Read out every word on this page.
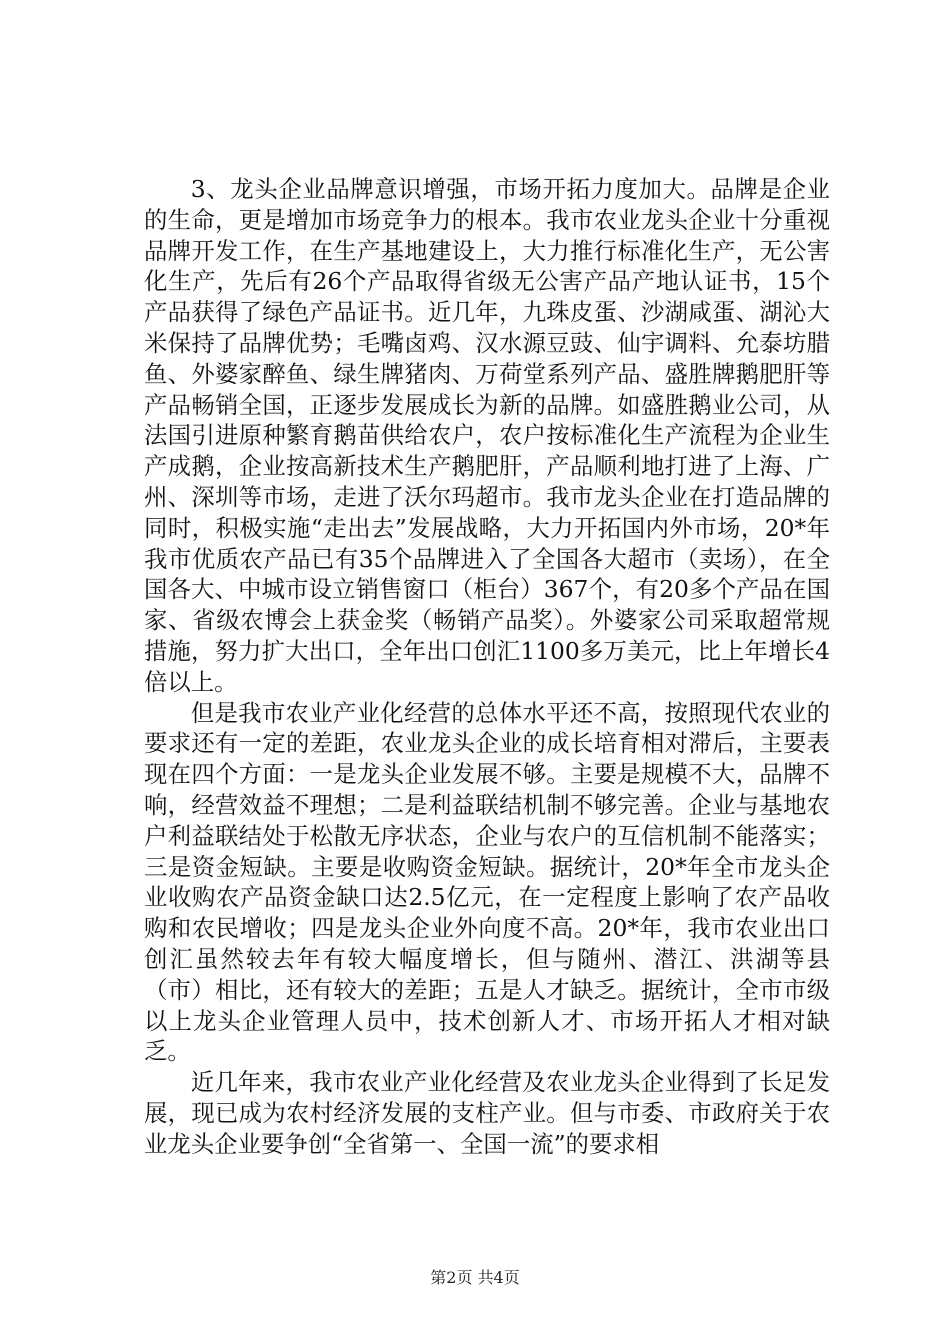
3、龙头企业品牌意识增强，市场开拓力度加大。品牌是企业的生命，更是增加市场竞争力的根本。我市农业龙头企业十分重视品牌开发工作，在生产基地建设上，大力推行标准化生产，无公害化生产，先后有26个产品取得省级无公害产品产地认证书，15个产品获得了绿色产品证书。近几年，九珠皮蛋、沙湖咸蛋、湖沁大米保持了品牌优势；毛嘴卤鸡、汉水源豆豉、仙宇调料、允泰坊腊鱼、外婆家醉鱼、绿生牌猪肉、万荷堂系列产品、盛胜牌鹅肥肝等产品畅销全国，正逐步发展成长为新的品牌。如盛胜鹅业公司，从法国引进原种繁育鹅苗供给农户，农户按标准化生产流程为企业生产成鹅，企业按高新技术生产鹅肥肝，产品顺利地打进了上海、广州、深圳等市场，走进了沃尔玛超市。我市龙头企业在打造品牌的同时，积极实施“走出去”发展战略，大力开拓国内外市场，20*年我市优质农产品已有35个品牌进入了全国各大超市（卖场），在全国各大、中城市设立销售窗口（柜台）367个，有20多个产品在国家、省级农博会上获金奖（畅销产品奖）。外婆家公司采取超常规措施，努力扩大出口，全年出口创汇1100多万美元，比上年增长4倍以上。

但是我市农业产业化经营的总体水平还不高，按照现代农业的要求还有一定的差距，农业龙头企业的成长培育相对滞后，主要表现在四个方面：一是龙头企业发展不够。主要是规模不大，品牌不响，经营效益不理想；二是利益联结机制不够完善。企业与基地农户利益联结处于松散无序状态，企业与农户的互信机制不能落实；三是资金短缺。主要是收购资金短缺。据统计，20*年全市龙头企业收购农产品资金缺口达2.5亿元，在一定程度上影响了农产品收购和农民增收；四是龙头企业外向度不高。20*年，我市农业出口创汇虽然较去年有较大幅度增长，但与随州、潜江、洪湖等县（市）相比，还有较大的差距；五是人才缺乏。据统计，全市市级以上龙头企业管理人员中，技术创新人才、市场开拓人才相对缺乏。

近几年来，我市农业产业化经营及农业龙头企业得到了长足发展，现已成为农村经济发展的支柱产业。但与市委、市政府关于农业龙头企业要争创“全省第一、全国一流”的要求相

第2页 共4页
